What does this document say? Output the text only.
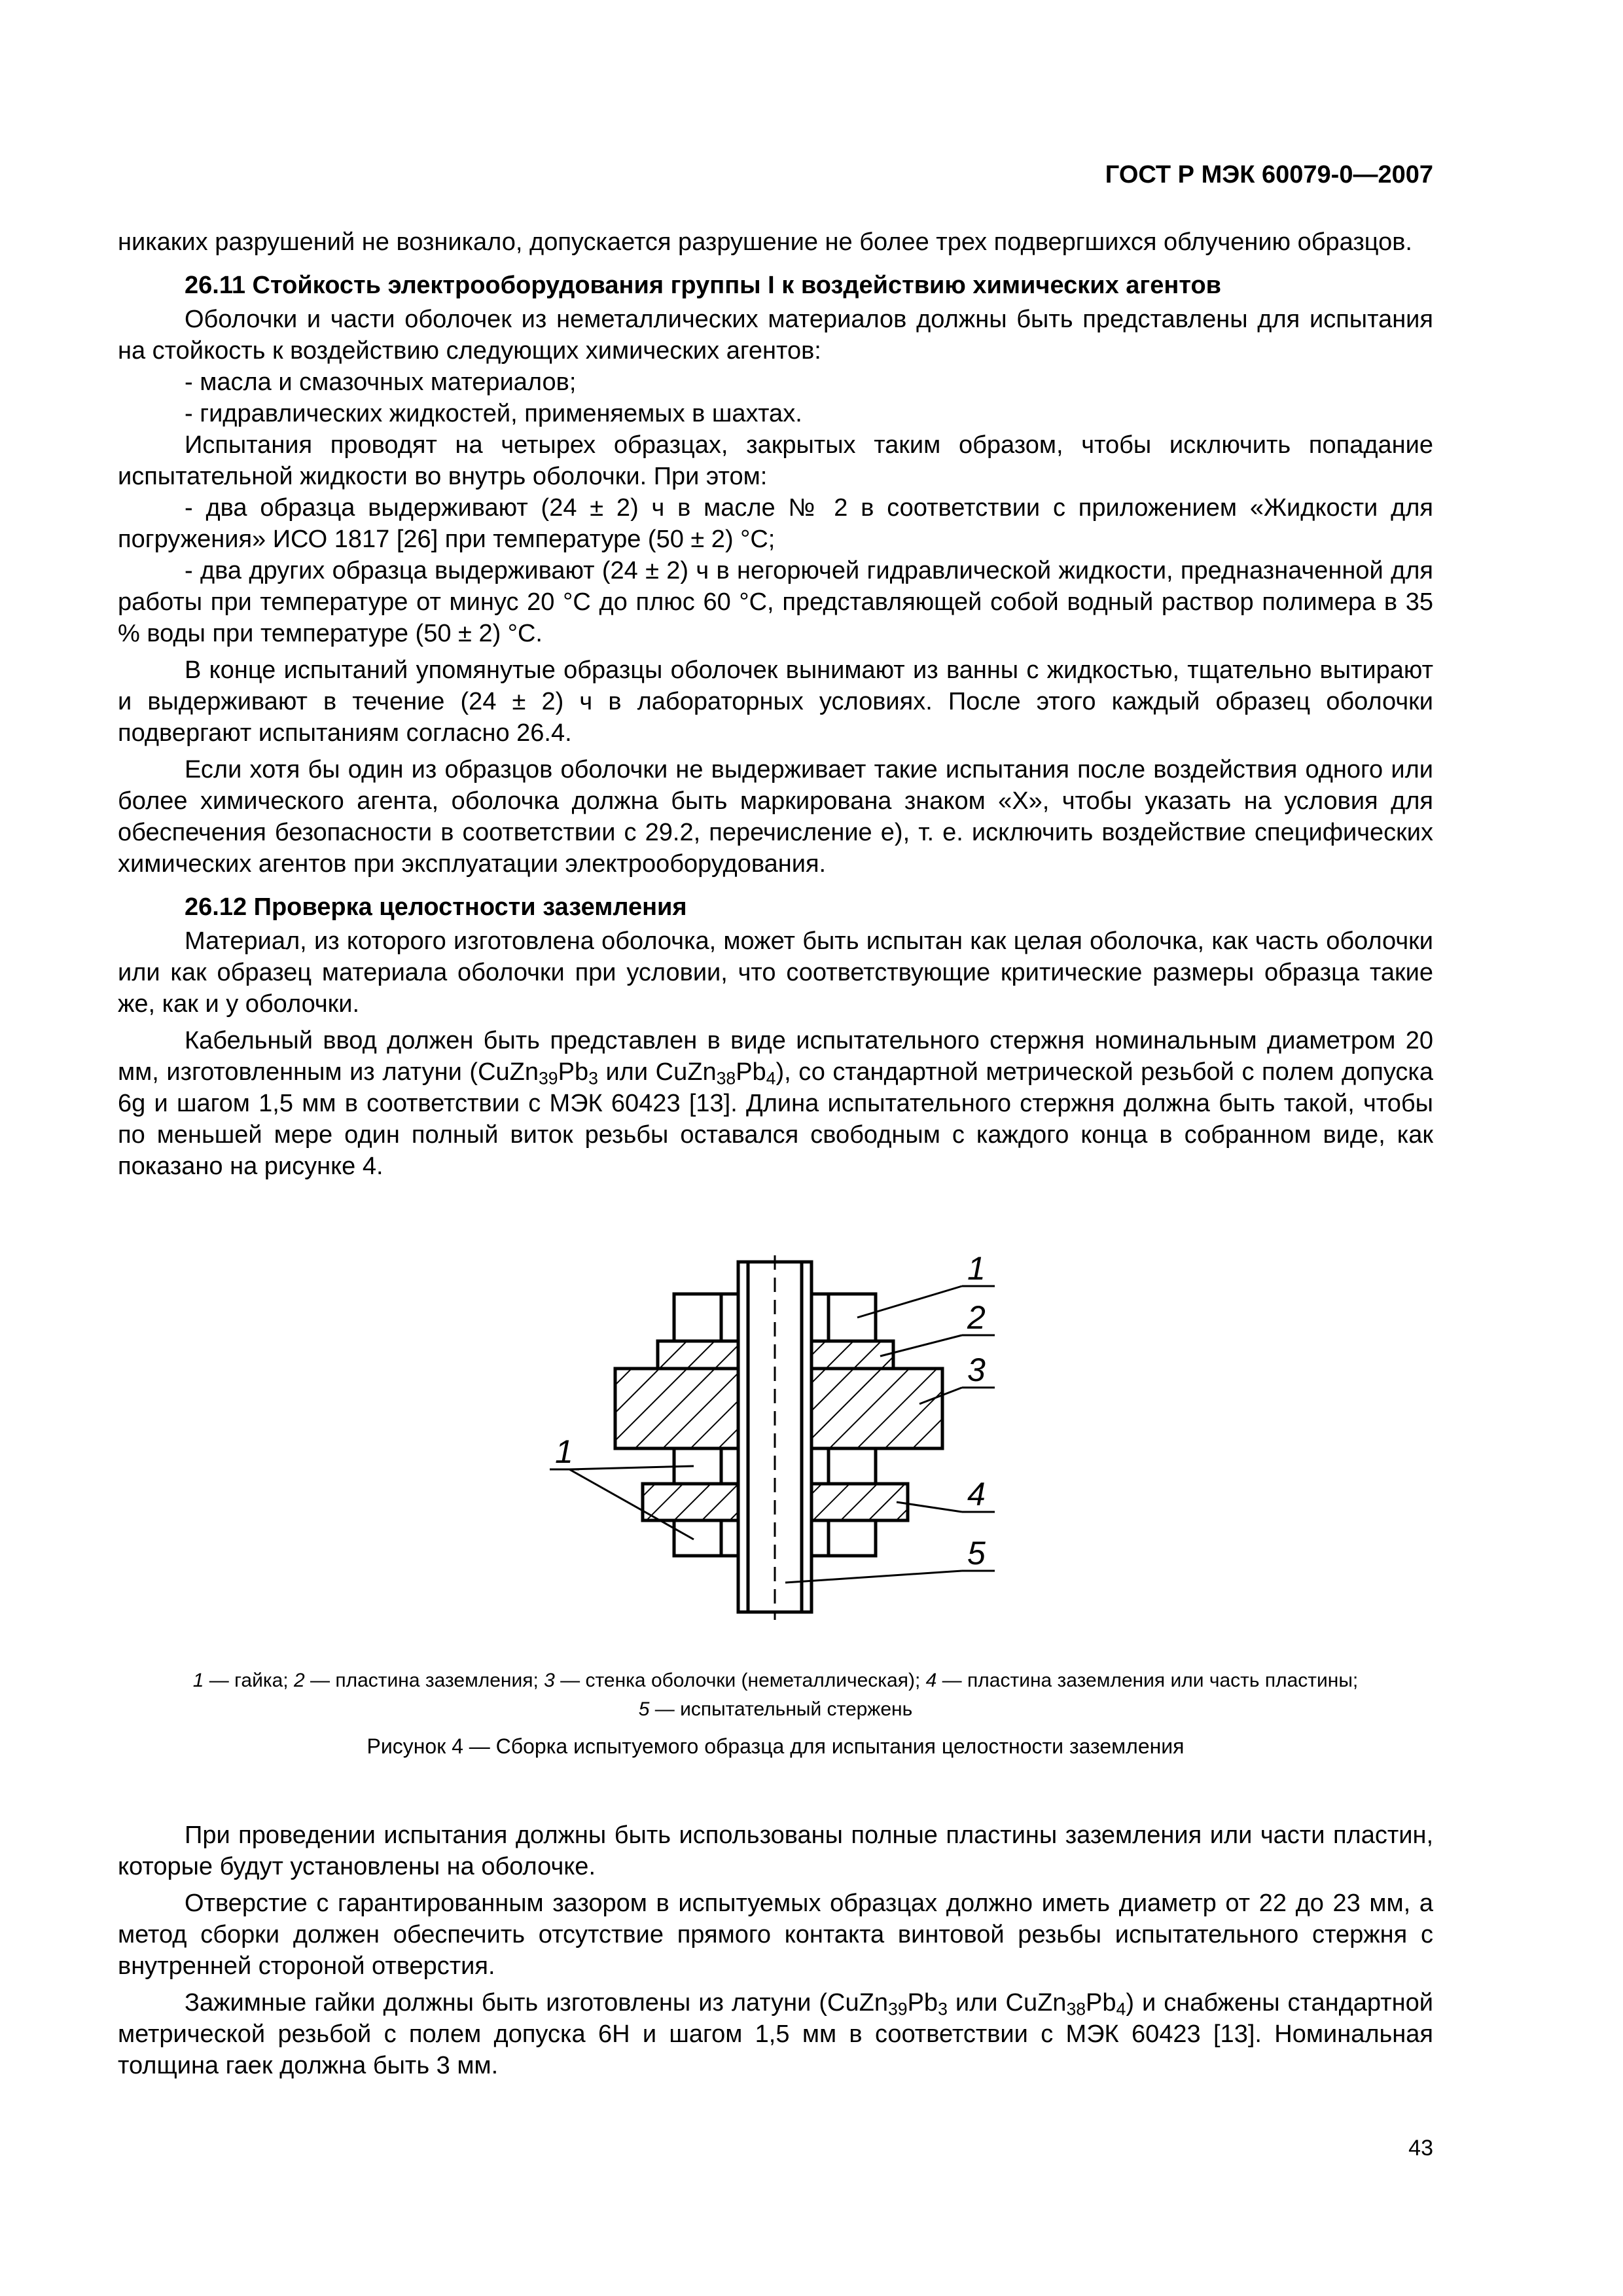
ГОСТ Р МЭК 60079-0—2007

никаких разрушений не возникало, допускается разрушение не более трех подвергшихся облучению образцов.

26.11 Стойкость электрооборудования группы I к воздействию химических агентов

Оболочки и части оболочек из неметаллических материалов должны быть представлены для испытания на стойкость к воздействию следующих химических агентов:

- масла и смазочных материалов;

- гидравлических жидкостей, применяемых в шахтах.

Испытания проводят на четырех образцах, закрытых таким образом, чтобы исключить попадание испытательной жидкости во внутрь оболочки. При этом:

- два образца выдерживают (24 ± 2) ч в масле № 2 в соответствии с приложением «Жидкости для погружения» ИСО 1817 [26] при температуре (50 ± 2) °С;

- два других образца выдерживают (24 ± 2) ч в негорючей гидравлической жидкости, предназначенной для работы при температуре от минус 20 °С до плюс 60 °С, представляющей собой водный раствор полимера в 35 % воды при температуре (50 ± 2) °С.

В конце испытаний упомянутые образцы оболочек вынимают из ванны с жидкостью, тщательно вытирают и выдерживают в течение (24 ± 2) ч в лабораторных условиях. После этого каждый образец оболочки подвергают испытаниям согласно 26.4.

Если хотя бы один из образцов оболочки не выдерживает такие испытания после воздействия одного или более химического агента, оболочка должна быть маркирована знаком «X», чтобы указать на условия для обеспечения безопасности в соответствии с 29.2, перечисление е), т. е. исключить воздействие специфических химических агентов при эксплуатации электрооборудования.

26.12 Проверка целостности заземления

Материал, из которого изготовлена оболочка, может быть испытан как целая оболочка, как часть оболочки или как образец материала оболочки при условии, что соответствующие критические размеры образца такие же, как и у оболочки.

Кабельный ввод должен быть представлен в виде испытательного стержня номинальным диаметром 20 мм, изготовленным из латуни ($CuZn_{39}Pb_3$ или $CuZn_{38}Pb_4$), со стандартной метрической резьбой с полем допуска 6g и шагом 1,5 мм в соответствии с МЭК 60423 [13]. Длина испытательного стержня должна быть такой, чтобы по меньшей мере один полный виток резьбы оставался свободным с каждого конца в собранном виде, как показано на рисунке 4.

1
2
3
1
4
5
1 — гайка; 2 — пластина заземления; 3 — стенка оболочки (неметаллическая); 4 — пластина заземления или часть пластины;
5 — испытательный стержень
Рисунок 4 — Сборка испытуемого образца для испытания целостности заземления

При проведении испытания должны быть использованы полные пластины заземления или части пластин, которые будут установлены на оболочке.

Отверстие с гарантированным зазором в испытуемых образцах должно иметь диаметр от 22 до 23 мм, а метод сборки должен обеспечить отсутствие прямого контакта винтовой резьбы испытательного стержня с внутренней стороной отверстия.

Зажимные гайки должны быть изготовлены из латуни ($CuZn_{39}Pb_3$ или $CuZn_{38}Pb_4$) и снабжены стандартной метрической резьбой с полем допуска 6Н и шагом 1,5 мм в соответствии с МЭК 60423 [13]. Номинальная толщина гаек должна быть 3 мм.

43
